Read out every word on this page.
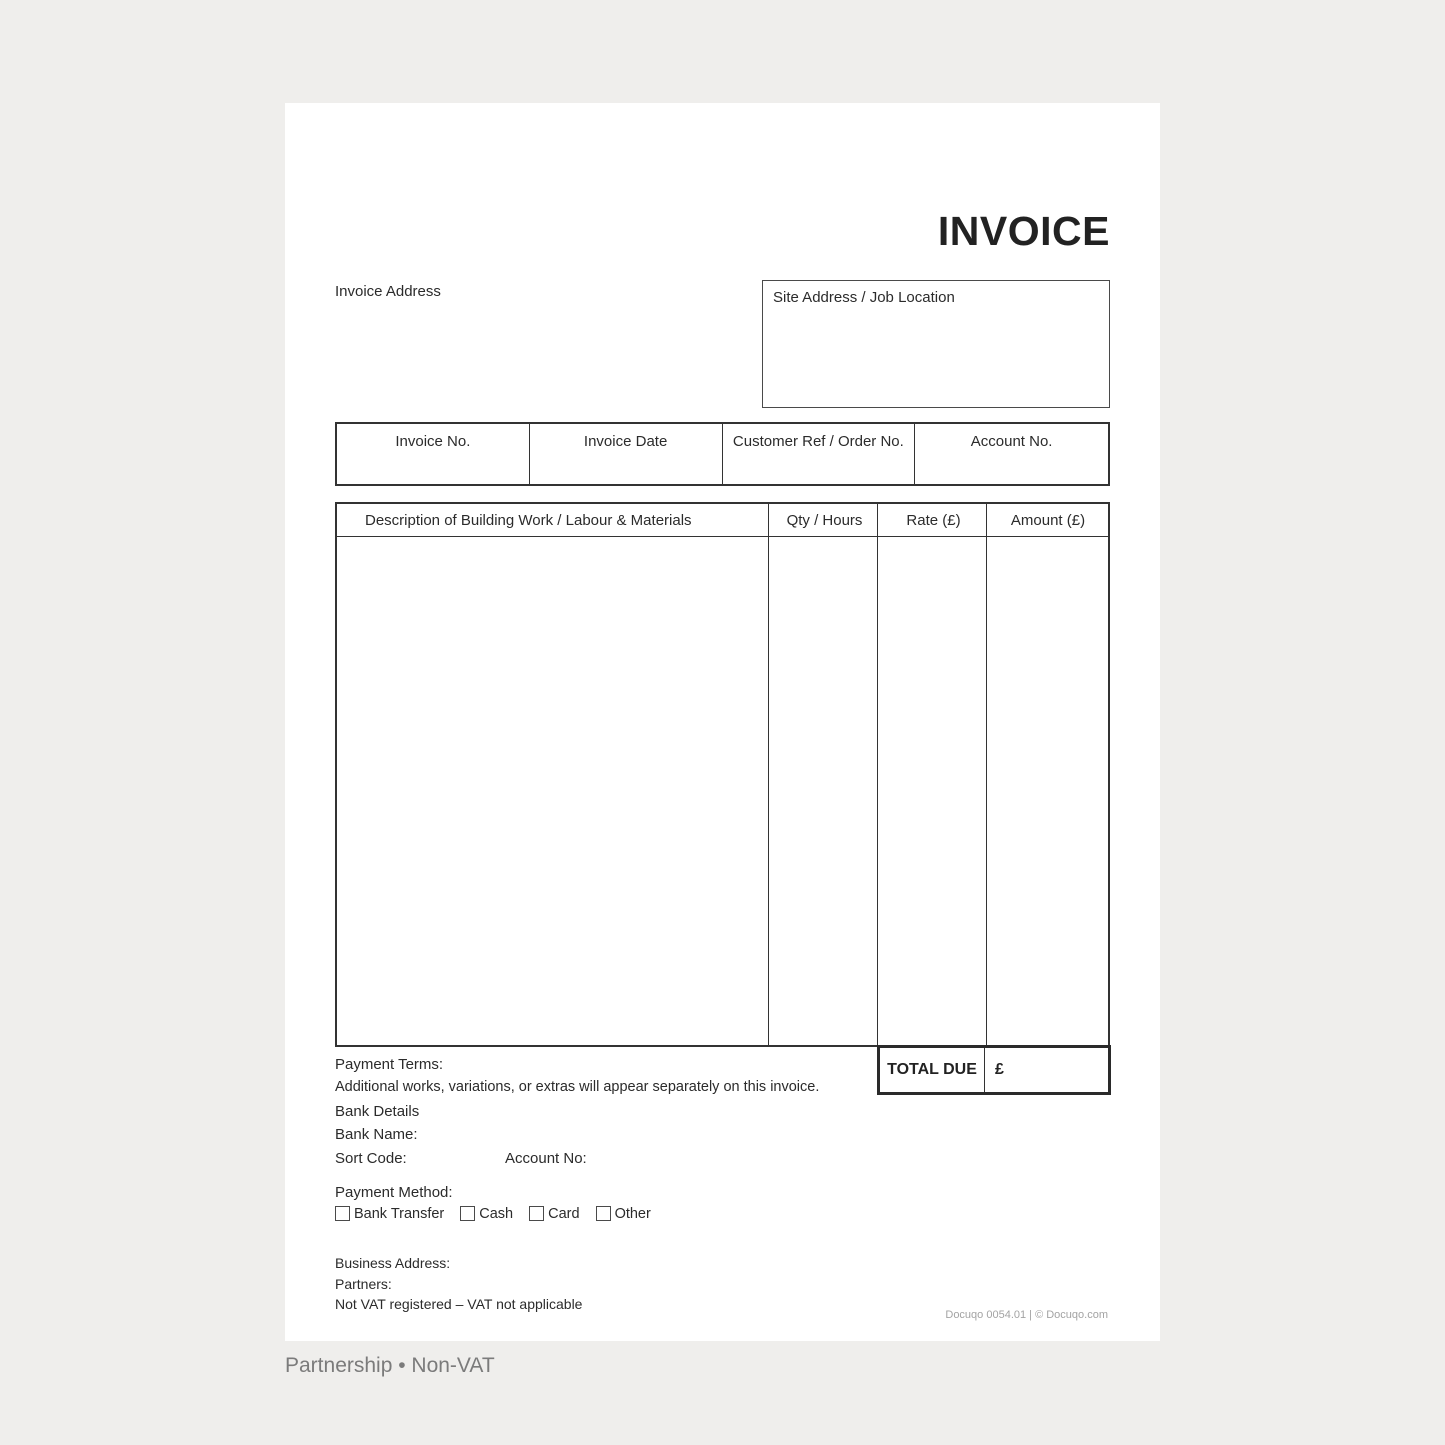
INVOICE
Invoice Address	Site Address / Job Location
Invoice No.	Invoice Date	Customer Ref / Order No.	Account No.
Description of Building Work / Labour & Materials	Qty / Hours	Rate (£)	Amount (£)
TOTAL DUE	£
Payment Terms:
Additional works, variations, or extras will appear separately on this invoice.
Bank Details
Bank Name:
Sort Code:	Account No:
Payment Method:
Bank Transfer Cash Card Other
Business Address:
Partners:
Not VAT registered – VAT not applicable
Docuqo 0054.01 | © Docuqo.com
Partnership • Non-VAT
